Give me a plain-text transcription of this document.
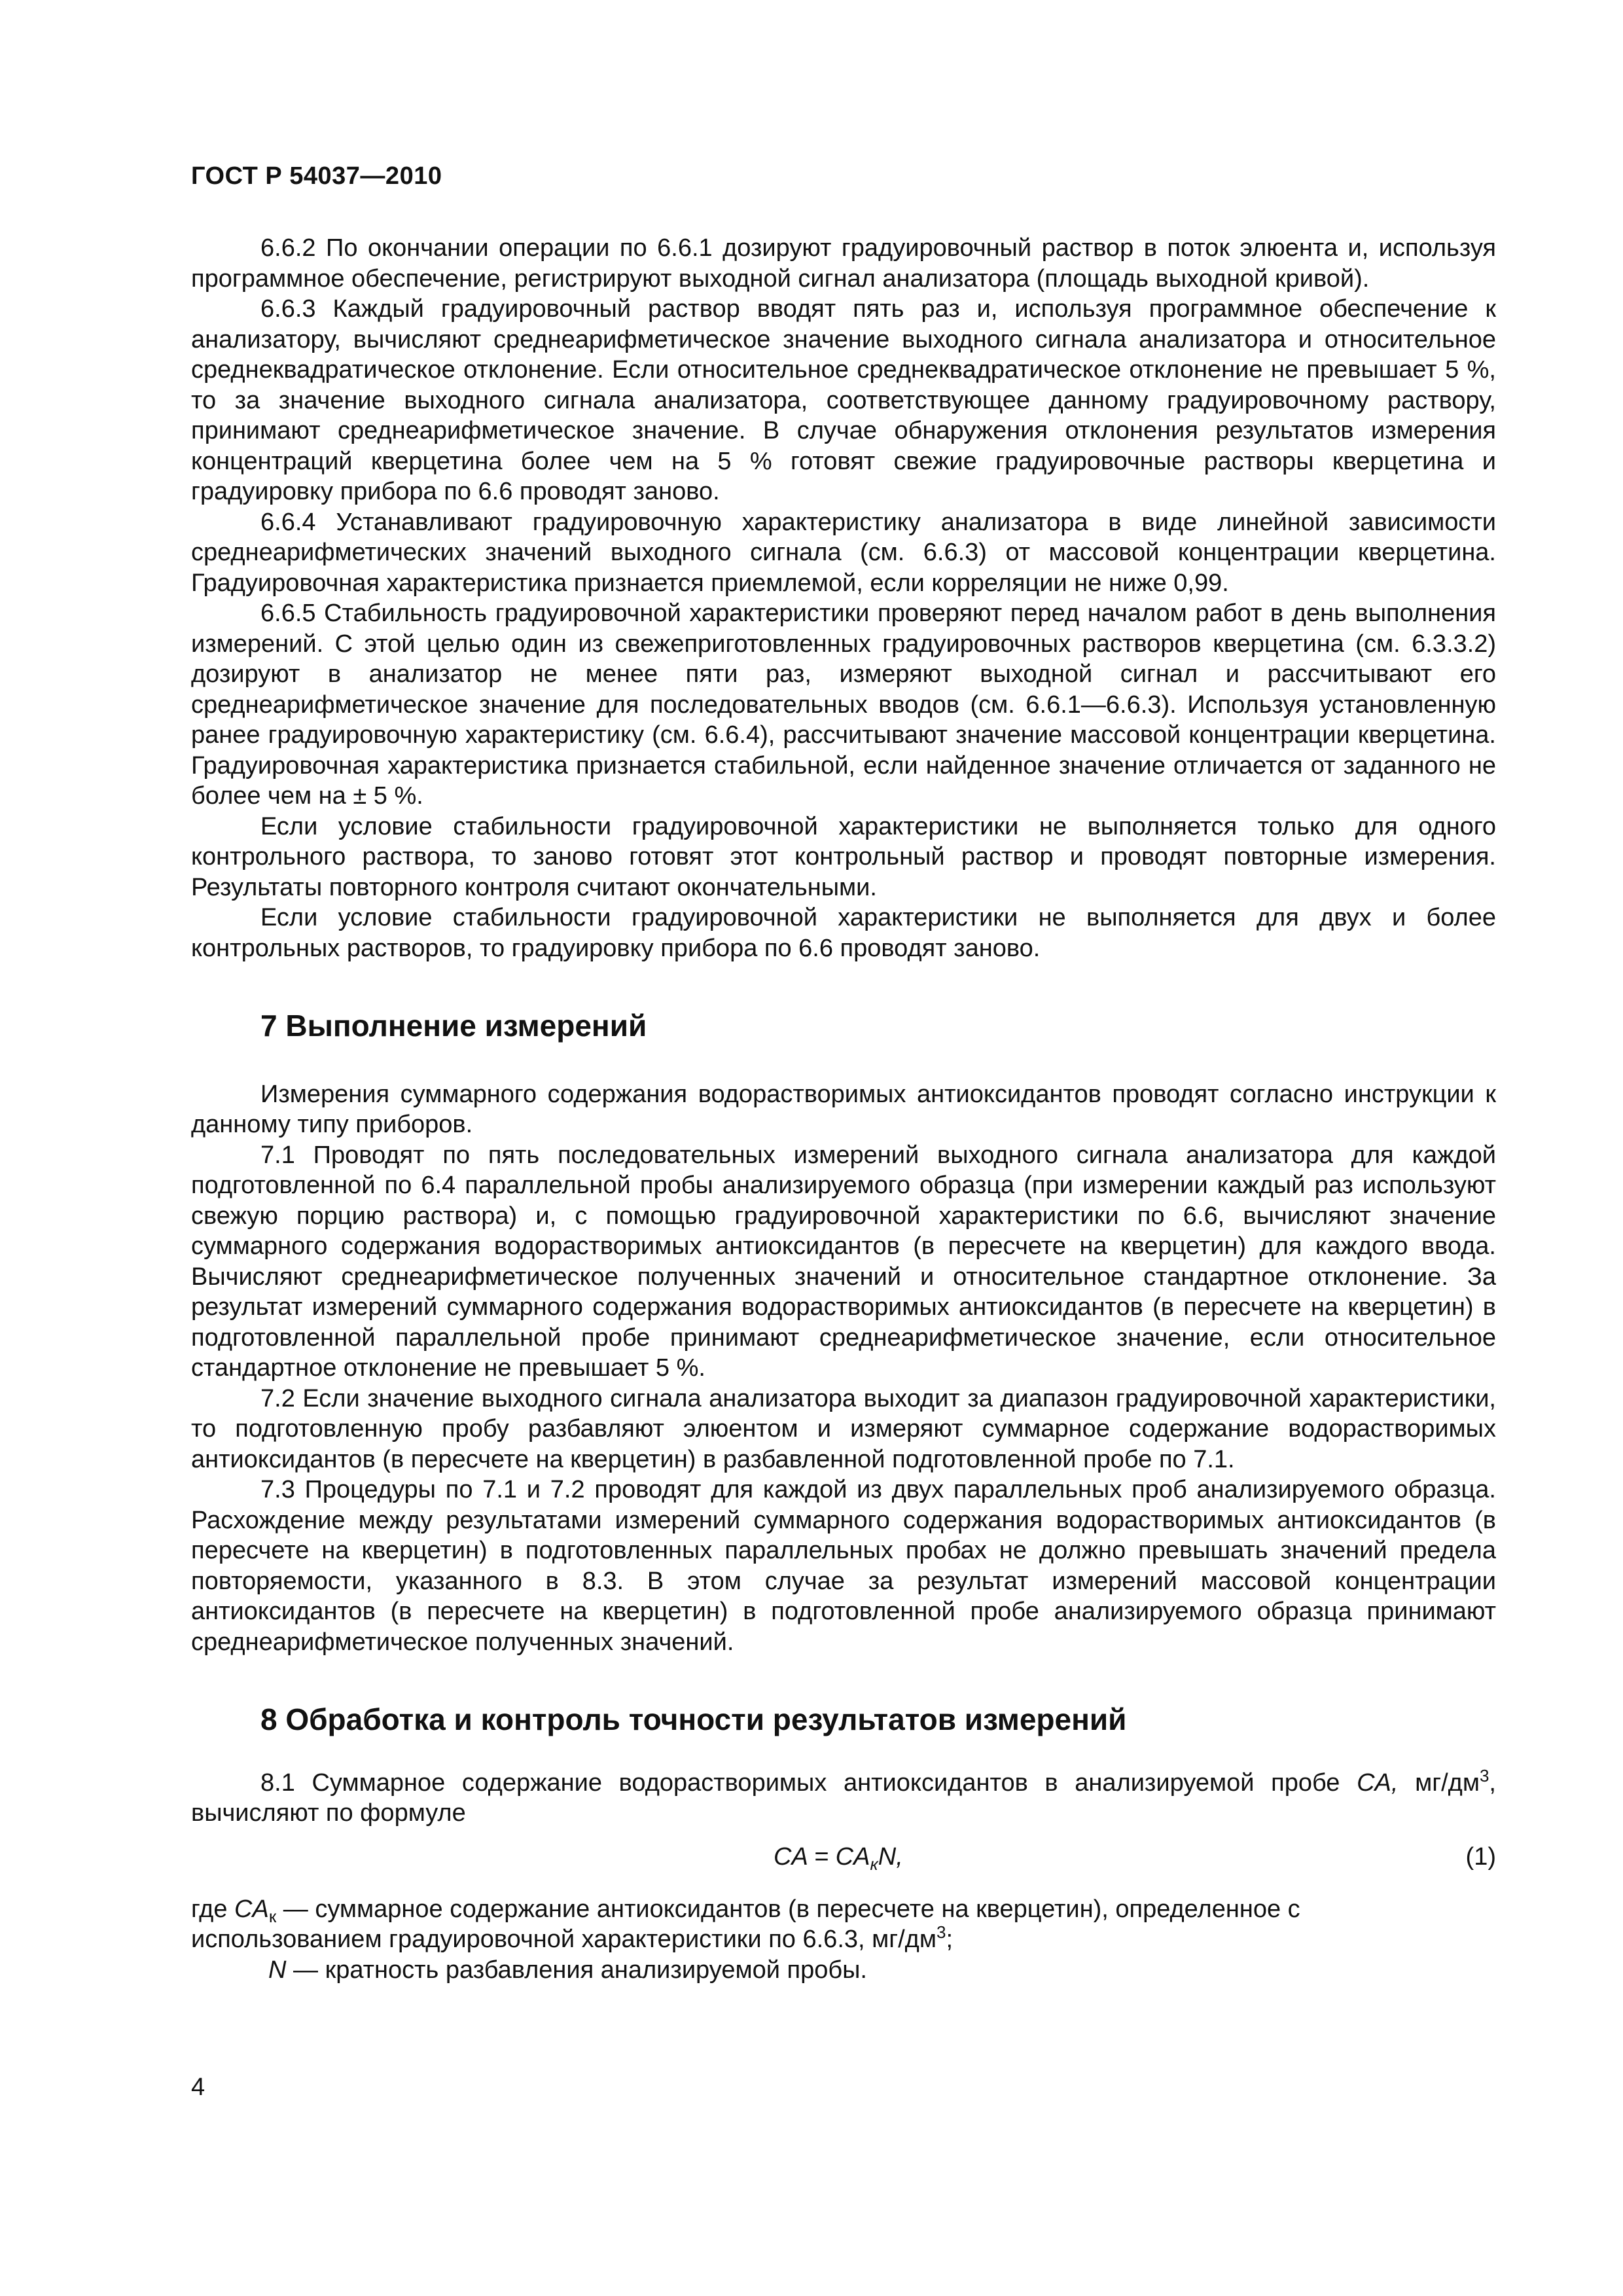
ГОСТ Р 54037—2010

6.6.2 По окончании операции по 6.6.1 дозируют градуировочный раствор в поток элюента и, используя программное обеспечение, регистрируют выходной сигнал анализатора (площадь выходной кривой).

6.6.3 Каждый градуировочный раствор вводят пять раз и, используя программное обеспечение к анализатору, вычисляют среднеарифметическое значение выходного сигнала анализатора и относительное среднеквадратическое отклонение. Если относительное среднеквадратическое отклонение не превышает 5 %, то за значение выходного сигнала анализатора, соответствующее данному градуировочному раствору, принимают среднеарифметическое значение. В случае обнаружения отклонения результатов измерения концентраций кверцетина более чем на 5 % готовят свежие градуировочные растворы кверцетина и градуировку прибора по 6.6 проводят заново.

6.6.4 Устанавливают градуировочную характеристику анализатора в виде линейной зависимости среднеарифметических значений выходного сигнала (см. 6.6.3) от массовой концентрации кверцетина. Градуировочная характеристика признается приемлемой, если корреляции не ниже 0,99.

6.6.5 Стабильность градуировочной характеристики проверяют перед началом работ в день выполнения измерений. С этой целью один из свежеприготовленных градуировочных растворов кверцетина (см. 6.3.3.2) дозируют в анализатор не менее пяти раз, измеряют выходной сигнал и рассчитывают его среднеарифметическое значение для последовательных вводов (см. 6.6.1—6.6.3). Используя установленную ранее градуировочную характеристику (см. 6.6.4), рассчитывают значение массовой концентрации кверцетина. Градуировочная характеристика признается стабильной, если найденное значение отличается от заданного не более чем на ± 5 %.

Если условие стабильности градуировочной характеристики не выполняется только для одного контрольного раствора, то заново готовят этот контрольный раствор и проводят повторные измерения. Результаты повторного контроля считают окончательными.

Если условие стабильности градуировочной характеристики не выполняется для двух и более контрольных растворов, то градуировку прибора по 6.6 проводят заново.

7 Выполнение измерений

Измерения суммарного содержания водорастворимых антиоксидантов проводят согласно инструкции к данному типу приборов.

7.1 Проводят по пять последовательных измерений выходного сигнала анализатора для каждой подготовленной по 6.4 параллельной пробы анализируемого образца (при измерении каждый раз используют свежую порцию раствора) и, с помощью градуировочной характеристики по 6.6, вычисляют значение суммарного содержания водорастворимых антиоксидантов (в пересчете на кверцетин) для каждого ввода. Вычисляют среднеарифметическое полученных значений и относительное стандартное отклонение. За результат измерений суммарного содержания водорастворимых антиоксидантов (в пересчете на кверцетин) в подготовленной параллельной пробе принимают среднеарифметическое значение, если относительное стандартное отклонение не превышает 5 %.

7.2 Если значение выходного сигнала анализатора выходит за диапазон градуировочной характеристики, то подготовленную пробу разбавляют элюентом и измеряют суммарное содержание водорастворимых антиоксидантов (в пересчете на кверцетин) в разбавленной подготовленной пробе по 7.1.

7.3 Процедуры по 7.1 и 7.2 проводят для каждой из двух параллельных проб анализируемого образца. Расхождение между результатами измерений суммарного содержания водорастворимых антиоксидантов (в пересчете на кверцетин) в подготовленных параллельных пробах не должно превышать значений предела повторяемости, указанного в 8.3. В этом случае за результат измерений массовой концентрации антиоксидантов (в пересчете на кверцетин) в подготовленной пробе анализируемого образца принимают среднеарифметическое полученных значений.

8 Обработка и контроль точности результатов измерений

8.1 Суммарное содержание водорастворимых антиоксидантов в анализируемой пробе CA, $мг/дм^3$, вычисляют по формуле

CA = $CA_кN$,	(1)
где $CA_к$ — суммарное содержание антиоксидантов (в пересчете на кверцетин), определенное с использованием градуировочной характеристики по 6.6.3, $мг/дм^3$;
N — кратность разбавления анализируемой пробы.
4
